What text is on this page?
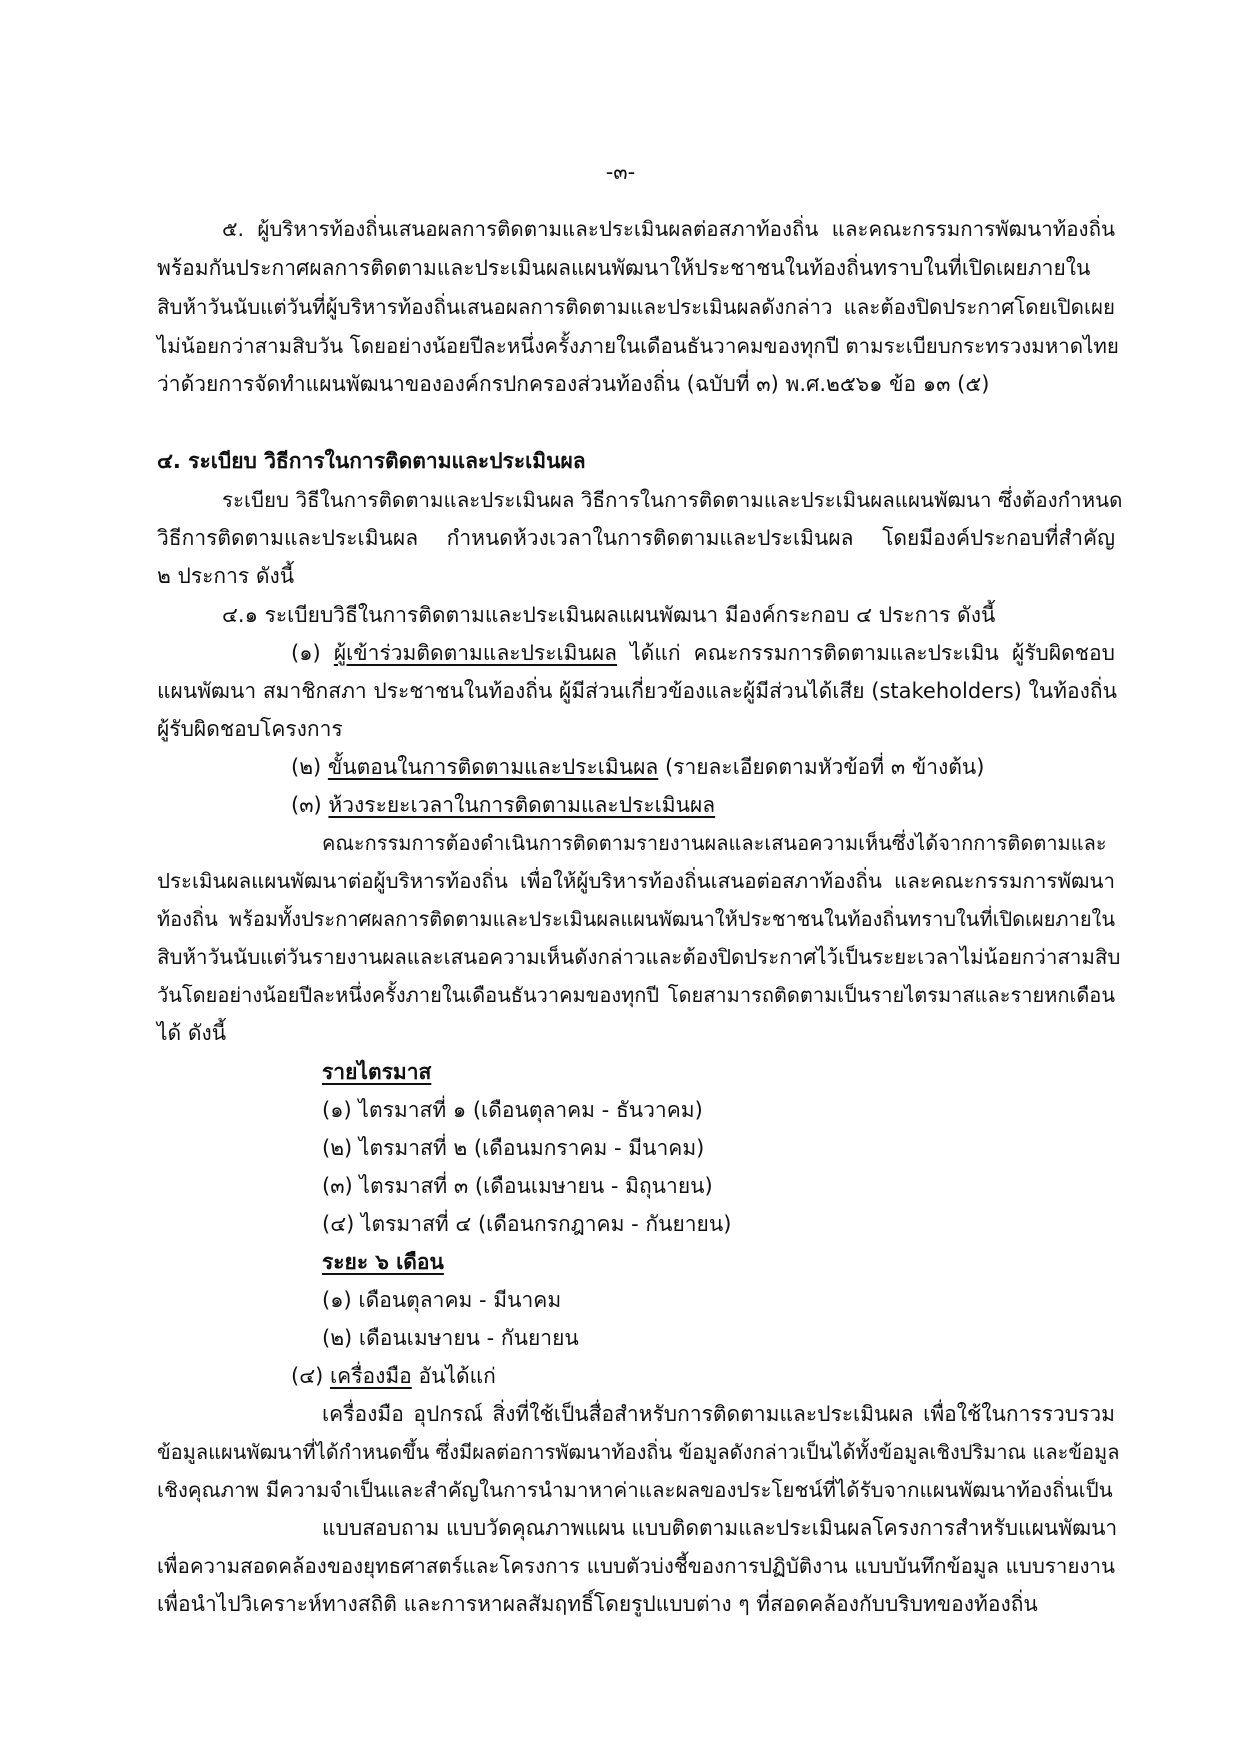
-๓-
๕. ผู้บริหารท้องถิ่นเสนอผลการติดตามและประเมินผลต่อสภาท้องถิ่น และคณะกรรมการพัฒนาท้องถิ่น
พร้อมกันประกาศผลการติดตามและประเมินผลแผนพัฒนาให้ประชาชนในท้องถิ่นทราบในที่เปิดเผยภายใน
สิบห้าวันนับแต่วันที่ผู้บริหารท้องถิ่นเสนอผลการติดตามและประเมินผลดังกล่าว และต้องปิดประกาศโดยเปิดเผย
ไม่น้อยกว่าสามสิบวัน โดยอย่างน้อยปีละหนึ่งครั้งภายในเดือนธันวาคมของทุกปี ตามระเบียบกระทรวงมหาดไทย
ว่าด้วยการจัดทำแผนพัฒนาขององค์กรปกครองส่วนท้องถิ่น (ฉบับที่ ๓) พ.ศ.๒๕๖๑ ข้อ ๑๓ (๕)
๔. ระเบียบ วิธีการในการติดตามและประเมินผล
ระเบียบ วิธีในการติดตามและประเมินผล วิธีการในการติดตามและประเมินผลแผนพัฒนา ซึ่งต้องกำหนด
วิธีการติดตามและประเมินผล กำหนดห้วงเวลาในการติดตามและประเมินผล โดยมีองค์ประกอบที่สำคัญ
๒ ประการ ดังนี้
๔.๑ ระเบียบวิธีในการติดตามและประเมินผลแผนพัฒนา มีองค์กระกอบ ๔ ประการ ดังนี้
(๑) ผู้เข้าร่วมติดตามและประเมินผล ได้แก่ คณะกรรมการติดตามและประเมิน ผู้รับผิดชอบ
แผนพัฒนา สมาชิกสภา ประชาชนในท้องถิ่น ผู้มีส่วนเกี่ยวข้องและผู้มีส่วนได้เสีย (stakeholders) ในท้องถิ่น
ผู้รับผิดชอบโครงการ
(๒) ขั้นตอนในการติดตามและประเมินผล (รายละเอียดตามหัวข้อที่ ๓ ข้างต้น)
(๓) ห้วงระยะเวลาในการติดตามและประเมินผล
คณะกรรมการต้องดำเนินการติดตามรายงานผลและเสนอความเห็นซึ่งได้จากการติดตามและ
ประเมินผลแผนพัฒนาต่อผู้บริหารท้องถิ่น เพื่อให้ผู้บริหารท้องถิ่นเสนอต่อสภาท้องถิ่น และคณะกรรมการพัฒนา
ท้องถิ่น พร้อมทั้งประกาศผลการติดตามและประเมินผลแผนพัฒนาให้ประชาชนในท้องถิ่นทราบในที่เปิดเผยภายใน
สิบห้าวันนับแต่วันรายงานผลและเสนอความเห็นดังกล่าวและต้องปิดประกาศไว้เป็นระยะเวลาไม่น้อยกว่าสามสิบ
วันโดยอย่างน้อยปีละหนึ่งครั้งภายในเดือนธันวาคมของทุกปี โดยสามารถติดตามเป็นรายไตรมาสและรายหกเดือน
ได้ ดังนี้
รายไตรมาส
(๑) ไตรมาสที่ ๑ (เดือนตุลาคม - ธันวาคม)
(๒) ไตรมาสที่ ๒ (เดือนมกราคม - มีนาคม)
(๓) ไตรมาสที่ ๓ (เดือนเมษายน - มิถุนายน)
(๔) ไตรมาสที่ ๔ (เดือนกรกฎาคม - กันยายน)
ระยะ ๖ เดือน
(๑) เดือนตุลาคม - มีนาคม
(๒) เดือนเมษายน - กันยายน
(๔) เครื่องมือ อันได้แก่
เครื่องมือ อุปกรณ์ สิ่งที่ใช้เป็นสื่อสำหรับการติดตามและประเมินผล เพื่อใช้ในการรวบรวม
ข้อมูลแผนพัฒนาที่ได้กำหนดขึ้น ซึ่งมีผลต่อการพัฒนาท้องถิ่น ข้อมูลดังกล่าวเป็นได้ทั้งข้อมูลเชิงปริมาณ และข้อมูล
เชิงคุณภาพ มีความจำเป็นและสำคัญในการนำมาหาค่าและผลของประโยชน์ที่ได้รับจากแผนพัฒนาท้องถิ่นเป็น
แบบสอบถาม แบบวัดคุณภาพแผน แบบติดตามและประเมินผลโครงการสำหรับแผนพัฒนา
เพื่อความสอดคล้องของยุทธศาสตร์และโครงการ แบบตัวบ่งชี้ของการปฏิบัติงาน แบบบันทึกข้อมูล แบบรายงาน
เพื่อนำไปวิเคราะห์ทางสถิติ และการหาผลสัมฤทธิ์โดยรูปแบบต่าง ๆ ที่สอดคล้องกับบริบทของท้องถิ่น
